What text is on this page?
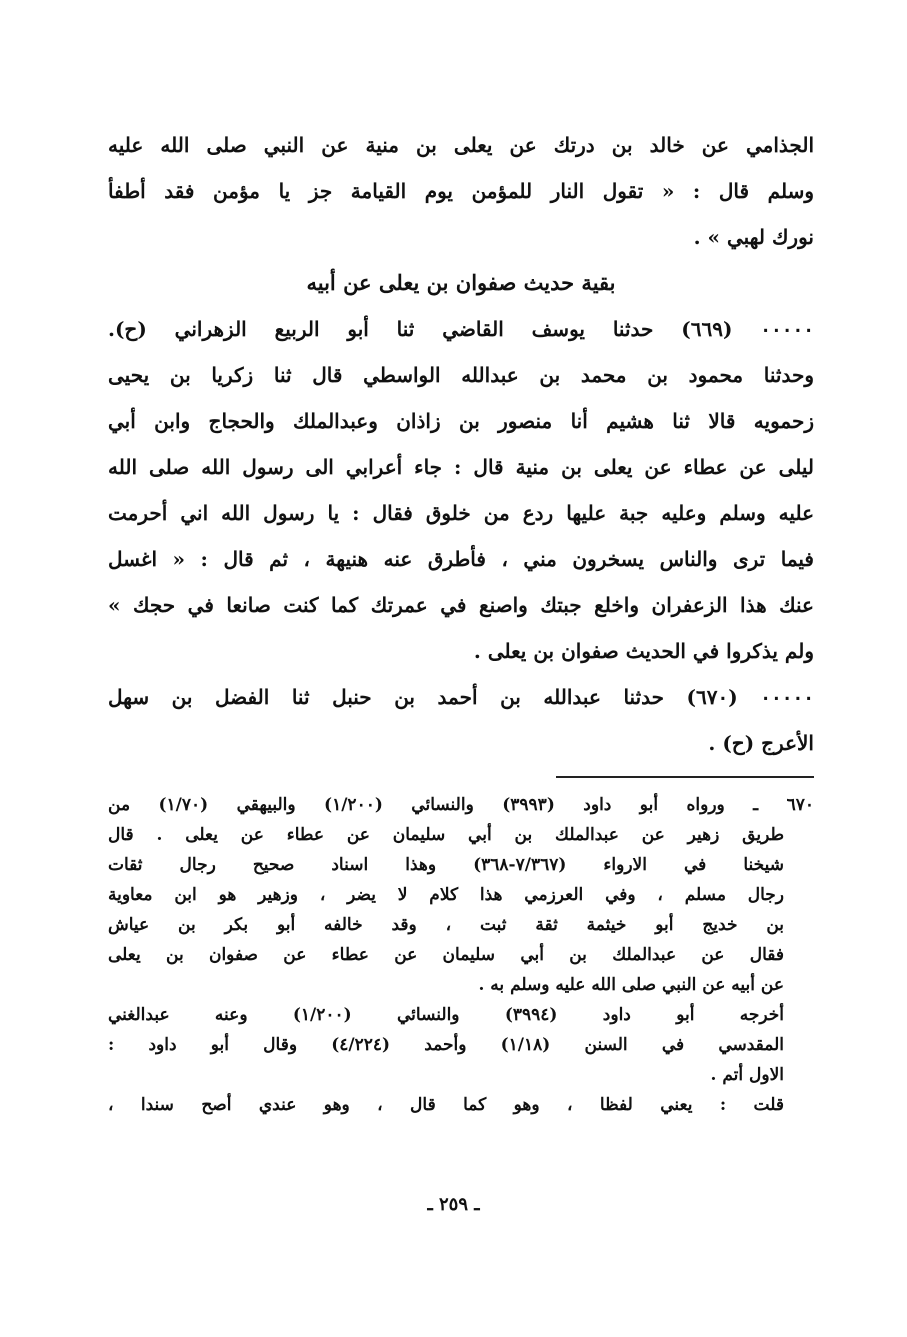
الجذامي عن خالد بن درتك عن يعلى بن منية عن النبي صلى الله عليه
وسلم قال : « تقول النار للمؤمن يوم القيامة جز يا مؤمن فقد أطفأ
نورك لهبي » .
بقية حديث صفوان بن يعلى عن أبيه
٠٠٠٠٠ (٦٦٩) حدثنا يوسف القاضي ثنا أبو الربيع الزهراني (ح).
وحدثنا محمود بن محمد بن عبدالله الواسطي قال ثنا زكريا بن يحيى
زحمويه قالا ثنا هشيم أنا منصور بن زاذان وعبدالملك والحجاج وابن أبي
ليلى عن عطاء عن يعلى بن منية قال : جاء أعرابي الى رسول الله صلى الله
عليه وسلم وعليه جبة عليها ردع من خلوق فقال : يا رسول الله اني أحرمت
فيما ترى والناس يسخرون مني ، فأطرق عنه هنيهة ، ثم قال : « اغسل
عنك هذا الزعفران واخلع جبتك واصنع في عمرتك كما كنت صانعا في حجك »
ولم يذكروا في الحديث صفوان بن يعلى .
٠٠٠٠٠ (٦٧٠) حدثنا عبدالله بن أحمد بن حنبل ثنا الفضل بن سهل
الأعرج (ح) .
٦٧٠ ـ ورواه أبو داود (٣٩٩٣) والنسائي (١/٢٠٠) والبيهقي (١/٧٠) من
طريق زهير عن عبدالملك بن أبي سليمان عن عطاء عن يعلى . قال
شيخنا في الارواء (٧/٣٦٧-٣٦٨) وهذا اسناد صحيح رجال ثقات
رجال مسلم ، وفي العرزمي هذا كلام لا يضر ، وزهير هو ابن معاوية
بن خديج أبو خيثمة ثقة ثبت ، وقد خالفه أبو بكر بن عياش
فقال عن عبدالملك بن أبي سليمان عن عطاء عن صفوان بن يعلى
عن أبيه عن النبي صلى الله عليه وسلم به .
أخرجه أبو داود (٣٩٩٤) والنسائي (١/٢٠٠) وعنه عبدالغني
المقدسي في السنن (١/١٨) وأحمد (٤/٢٢٤) وقال أبو داود :
الاول أتم .
قلت : يعني لفظا ، وهو كما قال ، وهو عندي أصح سندا ،
ـ ٢٥٩ ـ
